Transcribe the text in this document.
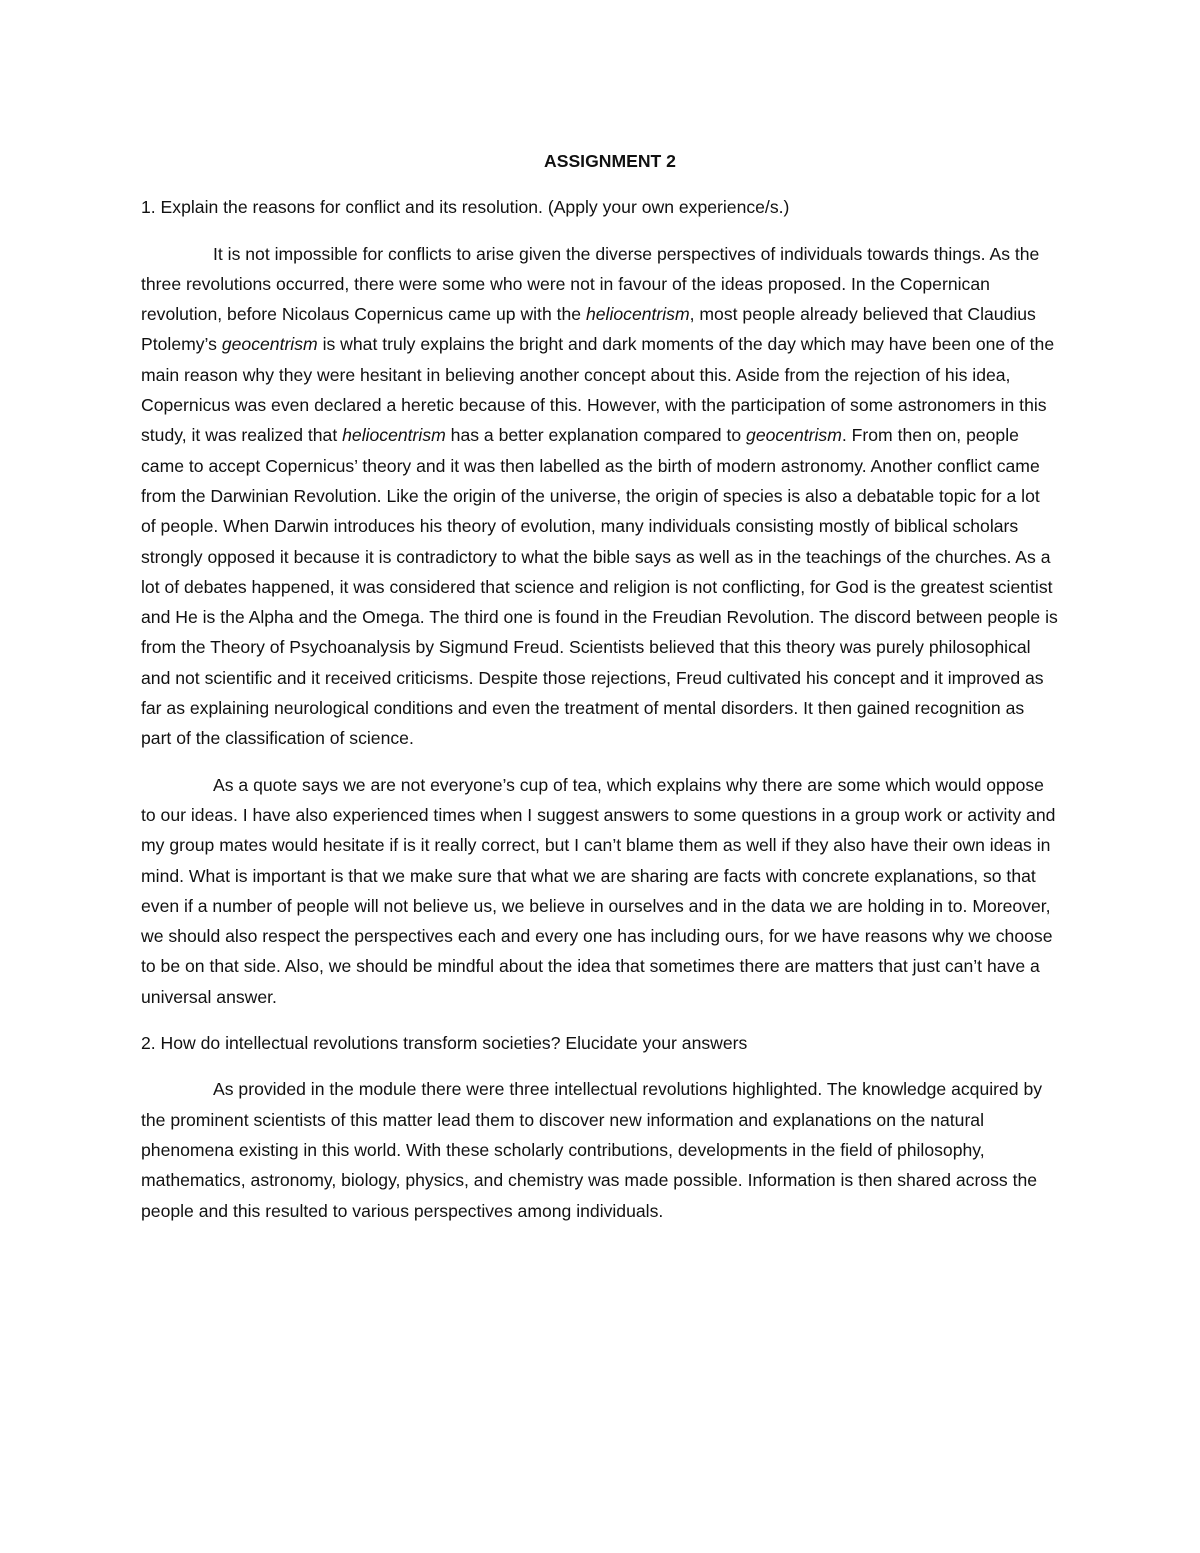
ASSIGNMENT 2

1. Explain the reasons for conflict and its resolution. (Apply your own experience/s.)

It is not impossible for conflicts to arise given the diverse perspectives of individuals towards things. As the three revolutions occurred, there were some who were not in favour of the ideas proposed. In the Copernican revolution, before Nicolaus Copernicus came up with the heliocentrism, most people already believed that Claudius Ptolemy’s geocentrism is what truly explains the bright and dark moments of the day which may have been one of the main reason why they were hesitant in believing another concept about this. Aside from the rejection of his idea, Copernicus was even declared a heretic because of this. However, with the participation of some astronomers in this study, it was realized that heliocentrism has a better explanation compared to geocentrism. From then on, people came to accept Copernicus’ theory and it was then labelled as the birth of modern astronomy. Another conflict came from the Darwinian Revolution. Like the origin of the universe, the origin of species is also a debatable topic for a lot of people. When Darwin introduces his theory of evolution, many individuals consisting mostly of biblical scholars strongly opposed it because it is contradictory to what the bible says as well as in the teachings of the churches. As a lot of debates happened, it was considered that science and religion is not conflicting, for God is the greatest scientist and He is the Alpha and the Omega. The third one is found in the Freudian Revolution. The discord between people is from the Theory of Psychoanalysis by Sigmund Freud. Scientists believed that this theory was purely philosophical and not scientific and it received criticisms. Despite those rejections, Freud cultivated his concept and it improved as far as explaining neurological conditions and even the treatment of mental disorders. It then gained recognition as part of the classification of science.

As a quote says we are not everyone’s cup of tea, which explains why there are some which would oppose to our ideas. I have also experienced times when I suggest answers to some questions in a group work or activity and my group mates would hesitate if is it really correct, but I can’t blame them as well if they also have their own ideas in mind. What is important is that we make sure that what we are sharing are facts with concrete explanations, so that even if a number of people will not believe us, we believe in ourselves and in the data we are holding in to. Moreover, we should also respect the perspectives each and every one has including ours, for we have reasons why we choose to be on that side. Also, we should be mindful about the idea that sometimes there are matters that just can’t have a universal answer.

2. How do intellectual revolutions transform societies? Elucidate your answers

As provided in the module there were three intellectual revolutions highlighted. The knowledge acquired by the prominent scientists of this matter lead them to discover new information and explanations on the natural phenomena existing in this world. With these scholarly contributions, developments in the field of philosophy, mathematics, astronomy, biology, physics, and chemistry was made possible. Information is then shared across the people and this resulted to various perspectives among individuals.
